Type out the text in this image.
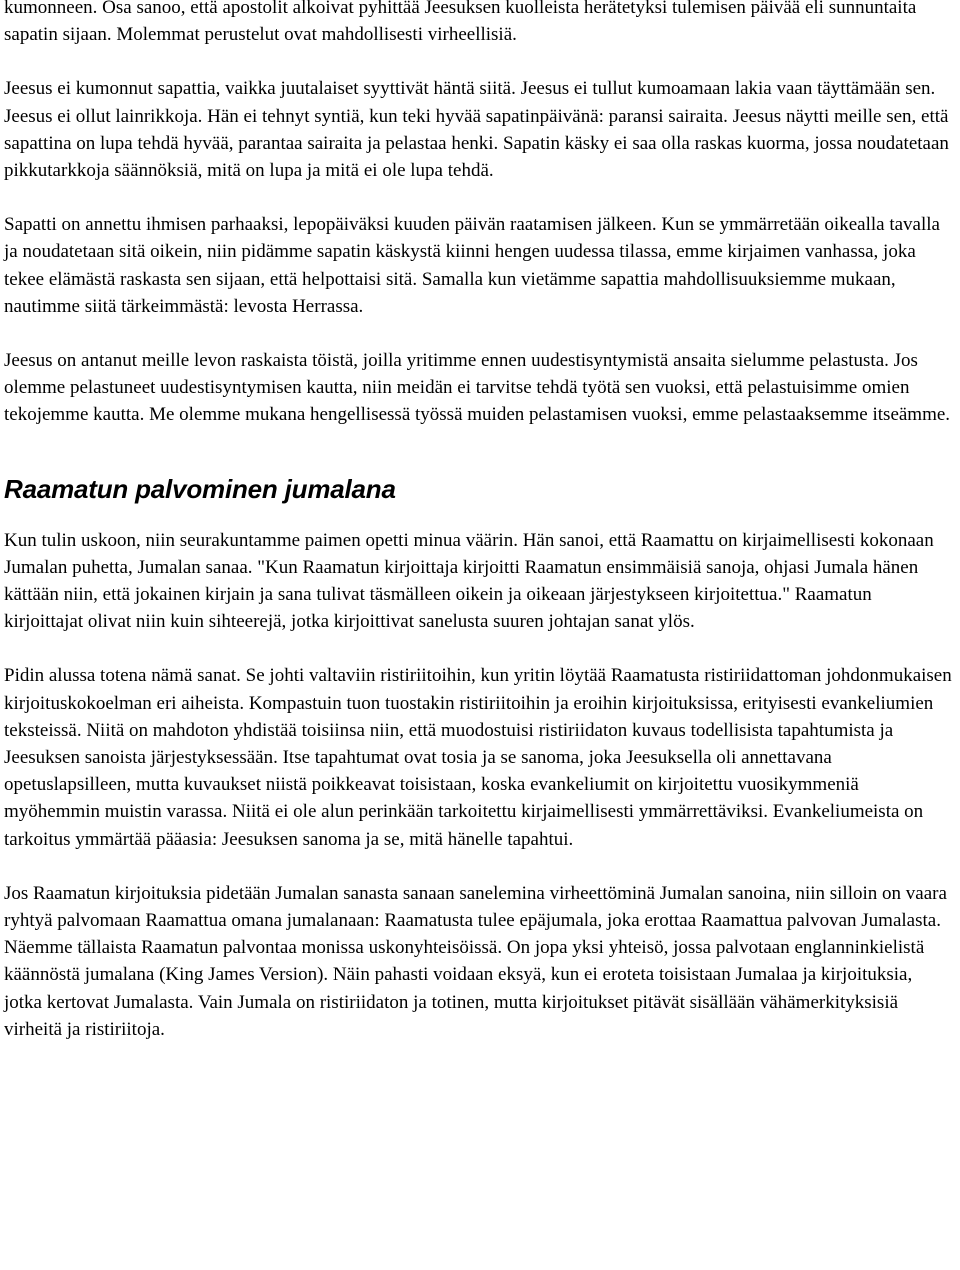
kumonneen. Osa sanoo, että apostolit alkoivat pyhittää Jeesuksen kuolleista herätetyksi tulemisen päivää eli sunnuntaita sapatin sijaan. Molemmat perustelut ovat mahdollisesti virheellisiä.

Jeesus ei kumonnut sapattia, vaikka juutalaiset syyttivät häntä siitä. Jeesus ei tullut kumoamaan lakia vaan täyttämään sen. Jeesus ei ollut lainrikkoja. Hän ei tehnyt syntiä, kun teki hyvää sapatinpäivänä: paransi sairaita. Jeesus näytti meille sen, että sapattina on lupa tehdä hyvää, parantaa sairaita ja pelastaa henki. Sapatin käsky ei saa olla raskas kuorma, jossa noudatetaan pikkutarkkoja säännöksiä, mitä on lupa ja mitä ei ole lupa tehdä.

Sapatti on annettu ihmisen parhaaksi, lepopäiväksi kuuden päivän raatamisen jälkeen. Kun se ymmärretään oikealla tavalla ja noudatetaan sitä oikein, niin pidämme sapatin käskystä kiinni hengen uudessa tilassa, emme kirjaimen vanhassa, joka tekee elämästä raskasta sen sijaan, että helpottaisi sitä. Samalla kun vietämme sapattia mahdollisuuksiemme mukaan, nautimme siitä tärkeimmästä: levosta Herrassa.

Jeesus on antanut meille levon raskaista töistä, joilla yritimme ennen uudestisyntymistä ansaita sielumme pelastusta. Jos olemme pelastuneet uudestisyntymisen kautta, niin meidän ei tarvitse tehdä työtä sen vuoksi, että pelastuisimme omien tekojemme kautta. Me olemme mukana hengellisessä työssä muiden pelastamisen vuoksi, emme pelastaaksemme itseämme.

Raamatun palvominen jumalana

Kun tulin uskoon, niin seurakuntamme paimen opetti minua väärin. Hän sanoi, että Raamattu on kirjaimellisesti kokonaan Jumalan puhetta, Jumalan sanaa. "Kun Raamatun kirjoittaja kirjoitti Raamatun ensimmäisiä sanoja, ohjasi Jumala hänen kättään niin, että jokainen kirjain ja sana tulivat täsmälleen oikein ja oikeaan järjestykseen kirjoitettua." Raamatun kirjoittajat olivat niin kuin sihteerejä, jotka kirjoittivat sanelusta suuren johtajan sanat ylös.

Pidin alussa totena nämä sanat. Se johti valtaviin ristiriitoihin, kun yritin löytää Raamatusta ristiriidattoman johdonmukaisen kirjoituskokoelman eri aiheista. Kompastuin tuon tuostakin ristiriitoihin ja eroihin kirjoituksissa, erityisesti evankeliumien teksteissä. Niitä on mahdoton yhdistää toisiinsa niin, että muodostuisi ristiriidaton kuvaus todellisista tapahtumista ja Jeesuksen sanoista järjestyksessään. Itse tapahtumat ovat tosia ja se sanoma, joka Jeesuksella oli annettavana opetuslapsilleen, mutta kuvaukset niistä poikkeavat toisistaan, koska evankeliumit on kirjoitettu vuosikymmeniä myöhemmin muistin varassa. Niitä ei ole alun perinkään tarkoitettu kirjaimellisesti ymmärrettäviksi. Evankeliumeista on tarkoitus ymmärtää pääasia: Jeesuksen sanoma ja se, mitä hänelle tapahtui.

Jos Raamatun kirjoituksia pidetään Jumalan sanasta sanaan sanelemina virheettöminä Jumalan sanoina, niin silloin on vaara ryhtyä palvomaan Raamattua omana jumalanaan: Raamatusta tulee epäjumala, joka erottaa Raamattua palvovan Jumalasta. Näemme tällaista Raamatun palvontaa monissa uskonyhteisöissä. On jopa yksi yhteisö, jossa palvotaan englanninkielistä käännöstä jumalana (King James Version). Näin pahasti voidaan eksyä, kun ei eroteta toisistaan Jumalaa ja kirjoituksia, jotka kertovat Jumalasta. Vain Jumala on ristiriidaton ja totinen, mutta kirjoitukset pitävät sisällään vähämerkityksisiä virheitä ja ristiriitoja.
